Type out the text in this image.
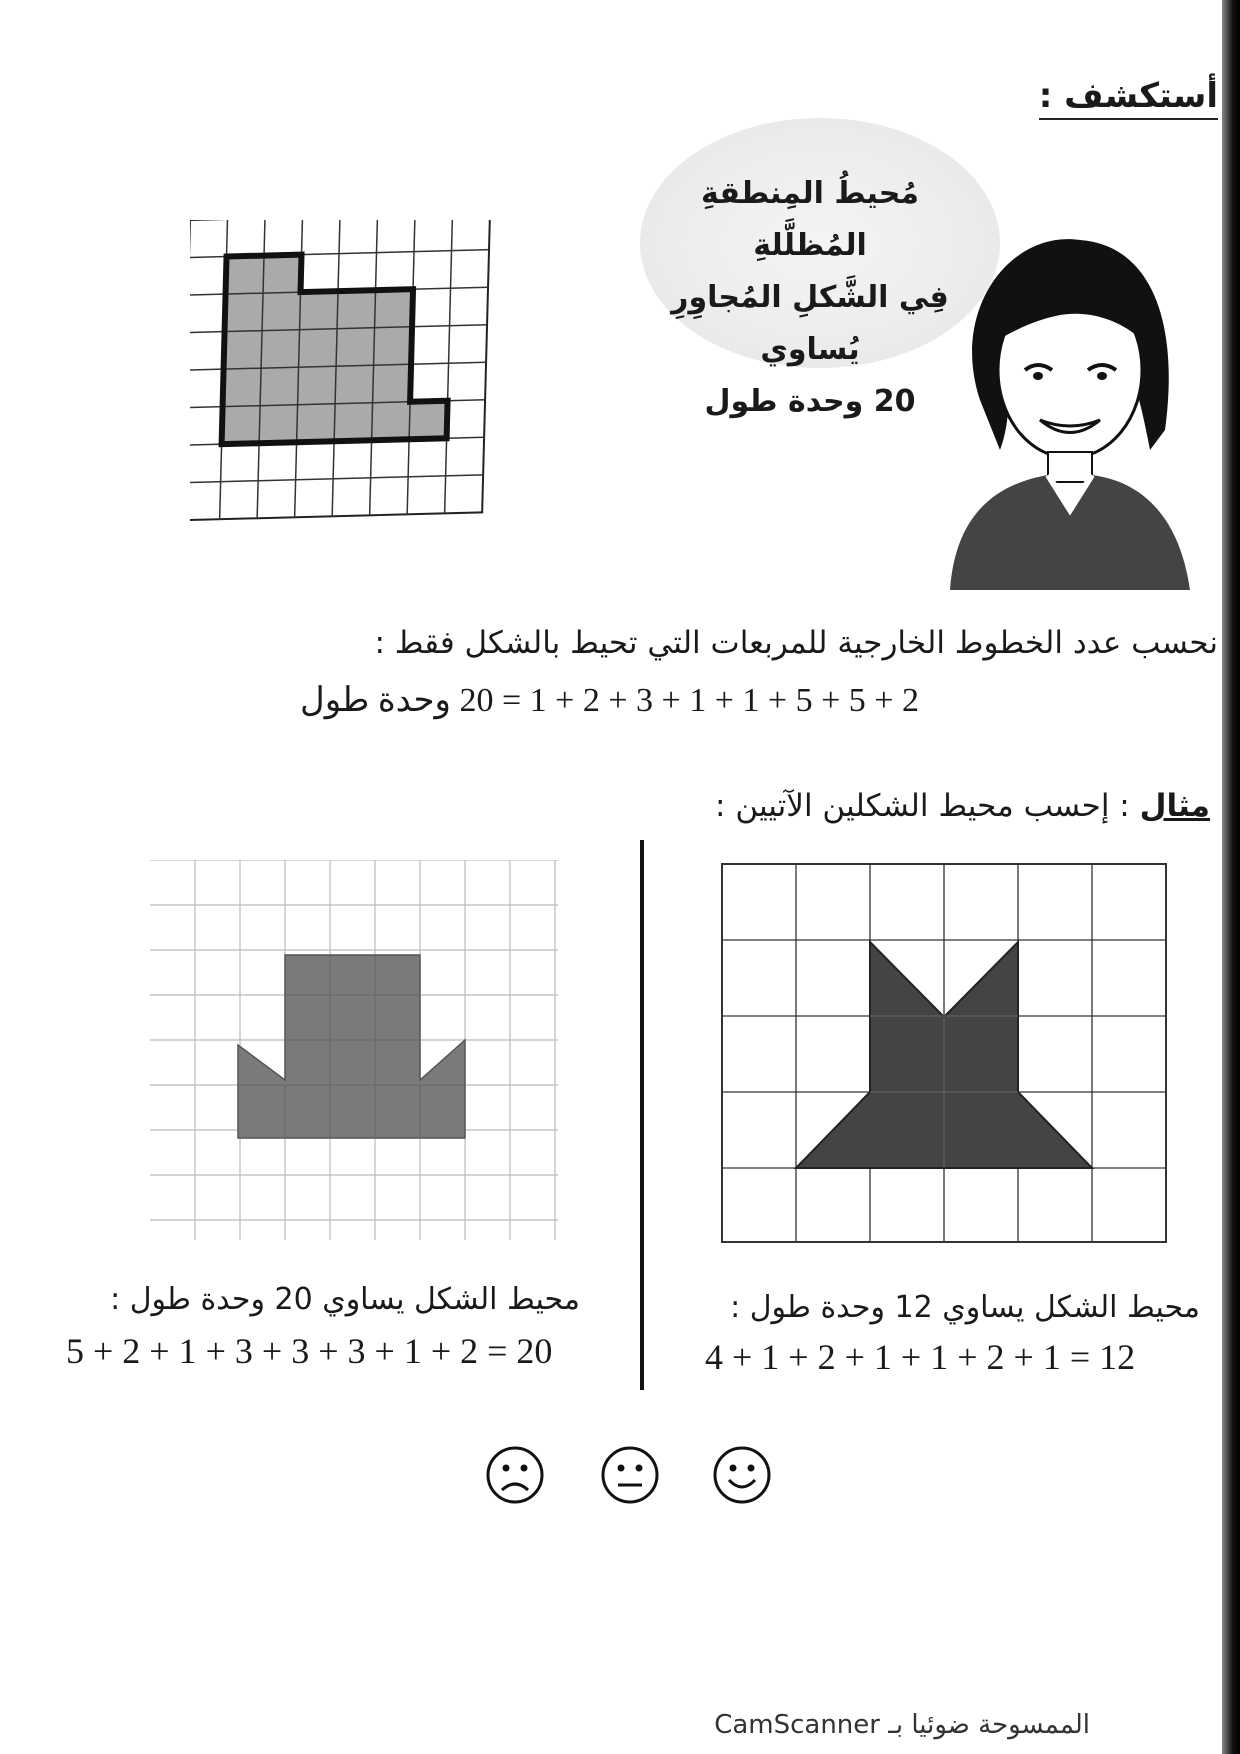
أستكشف :
مُحيطُ المِنطقةِ المُظلَّلةِ
فِي الشَّكلِ المُجاوِرِ يُساوي
20 وحدة طول
نحسب عدد الخطوط الخارجية للمربعات التي تحيط بالشكل فقط :
2 + 5 + 5 + 1 + 1 + 3 + 2 + 1 = 20 وحدة طول
مثال : إحسب محيط الشكلين الآتيين :
محيط الشكل يساوي 20 وحدة طول :
5 + 2 + 1 + 3 + 3 + 3 + 1 + 2 = 20
محيط الشكل يساوي 12 وحدة طول :
4 + 1 + 2 + 1 + 1 + 2 + 1 = 12
الممسوحة ضوئيا بـ CamScanner
